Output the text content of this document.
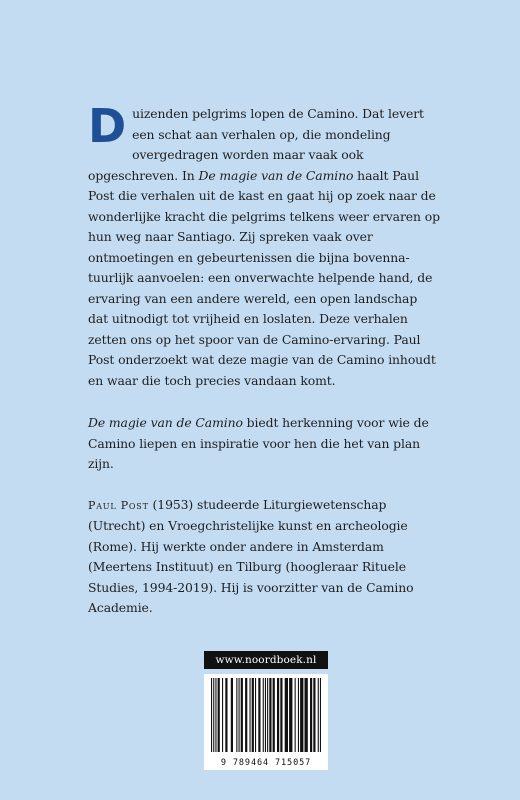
Duizenden pelgrims lopen de Camino. Dat levert een schat aan verhalen op, die mondeling overgedragen worden maar vaak ook opgeschreven. In De magie van de Camino haalt Paul Post die verhalen uit de kast en gaat hij op zoek naar de wonderlijke kracht die pelgrims telkens weer ervaren op hun weg naar Santiago. Zij spreken vaak over ontmoetingen en gebeurtenissen die bijna bovennatuurlijk aanvoelen: een onverwachte helpende hand, de ervaring van een andere wereld, een open landschap dat uitnodigt tot vrijheid en loslaten. Deze verhalen zetten ons op het spoor van de Camino-ervaring. Paul Post onderzoekt wat deze magie van de Camino inhoudt en waar die toch precies vandaan komt.

De magie van de Camino biedt herkenning voor wie de Camino liepen en inspiratie voor hen die het van plan zijn.

Paul Post (1953) studeerde Liturgiewetenschap (Utrecht) en Vroegchristelijke kunst en archeologie (Rome). Hij werkte onder andere in Amsterdam (Meertens Instituut) en Tilburg (hoogleraar Rituele Studies, 1994-2019). Hij is voorzitter van de Camino Academie.

www.noordboek.nl
9 789464 715057
